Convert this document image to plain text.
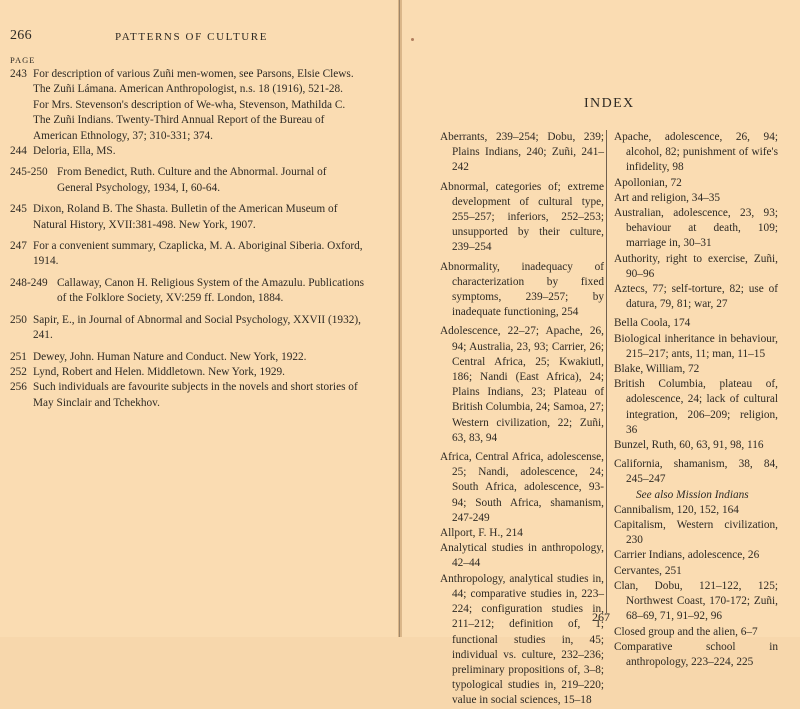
266	PATTERNS OF CULTURE
PAGE
243 For description of various Zuñi men-women, see Parsons, Elsie Clews. The Zuñi Lámana. American Anthropologist, n.s. 18 (1916), 521-28.
For Mrs. Stevenson's description of We-wha, Stevenson, Mathilda C. The Zuñi Indians. Twenty-Third Annual Report of the Bureau of American Ethnology, 37; 310-331; 374.
244 Deloria, Ella, MS.
245-250 From Benedict, Ruth. Culture and the Abnormal. Journal of General Psychology, 1934, I, 60-64.
245 Dixon, Roland B. The Shasta. Bulletin of the American Museum of Natural History, XVII:381-498. New York, 1907.
247 For a convenient summary, Czaplicka, M. A. Aboriginal Siberia. Oxford, 1914.
248-249 Callaway, Canon H. Religious System of the Amazulu. Publications of the Folklore Society, XV:259 ff. London, 1884.
250 Sapir, E., in Journal of Abnormal and Social Psychology, XXVII (1932), 241.
251 Dewey, John. Human Nature and Conduct. New York, 1922.
252 Lynd, Robert and Helen. Middletown. New York, 1929.
256 Such individuals are favourite subjects in the novels and short stories of May Sinclair and Tchekhov.
INDEX
Aberrants, 239–254; Dobu, 239; Plains Indians, 240; Zuñi, 241–242
Abnormal, categories of; extreme development of cultural type, 255–257; inferiors, 252–253; unsupported by their culture, 239–254
Abnormality, inadequacy of characterization by fixed symptoms, 239–257; by inadequate functioning, 254
Adolescence, 22–27; Apache, 26, 94; Australia, 23, 93; Carrier, 26; Central Africa, 25; Kwakiutl, 186; Nandi (East Africa), 24; Plains Indians, 23; Plateau of British Columbia, 24; Samoa, 27; Western civilization, 22; Zuñi, 63, 83, 94
Africa, Central Africa, adolescense, 25; Nandi, adolescence, 24; South Africa, adolescence, 93-94; South Africa, shamanism, 247-249
Allport, F. H., 214
Analytical studies in anthropology, 42–44
Anthropology, analytical studies in, 44; comparative studies in, 223–224; configuration studies in, 211–212; definition of, 1; functional studies in, 45; individual vs. culture, 232–236; preliminary propositions of, 3–8; typological studies in, 219–220; value in social sciences, 15–18
Apache, adolescence, 26, 94; alcohol, 82; punishment of wife's infidelity, 98
Apollonian, 72
Art and religion, 34–35
Australian, adolescence, 23, 93; behaviour at death, 109; marriage in, 30–31
Authority, right to exercise, Zuñi, 90–96
Aztecs, 77; self-torture, 82; use of datura, 79, 81; war, 27
Bella Coola, 174
Biological inheritance in behaviour, 215–217; ants, 11; man, 11–15
Blake, William, 72
British Columbia, plateau of, adolescence, 24; lack of cultural integration, 206–209; religion, 36
Bunzel, Ruth, 60, 63, 91, 98, 116
California, shamanism, 38, 84, 245–247
See also Mission Indians
Cannibalism, 120, 152, 164
Capitalism, Western civilization, 230
Carrier Indians, adolescence, 26
Cervantes, 251
Clan, Dobu, 121–122, 125; Northwest Coast, 170-172; Zuñi, 68–69, 71, 91–92, 96
Closed group and the alien, 6–7
Comparative school in anthropology, 223–224, 225
267
